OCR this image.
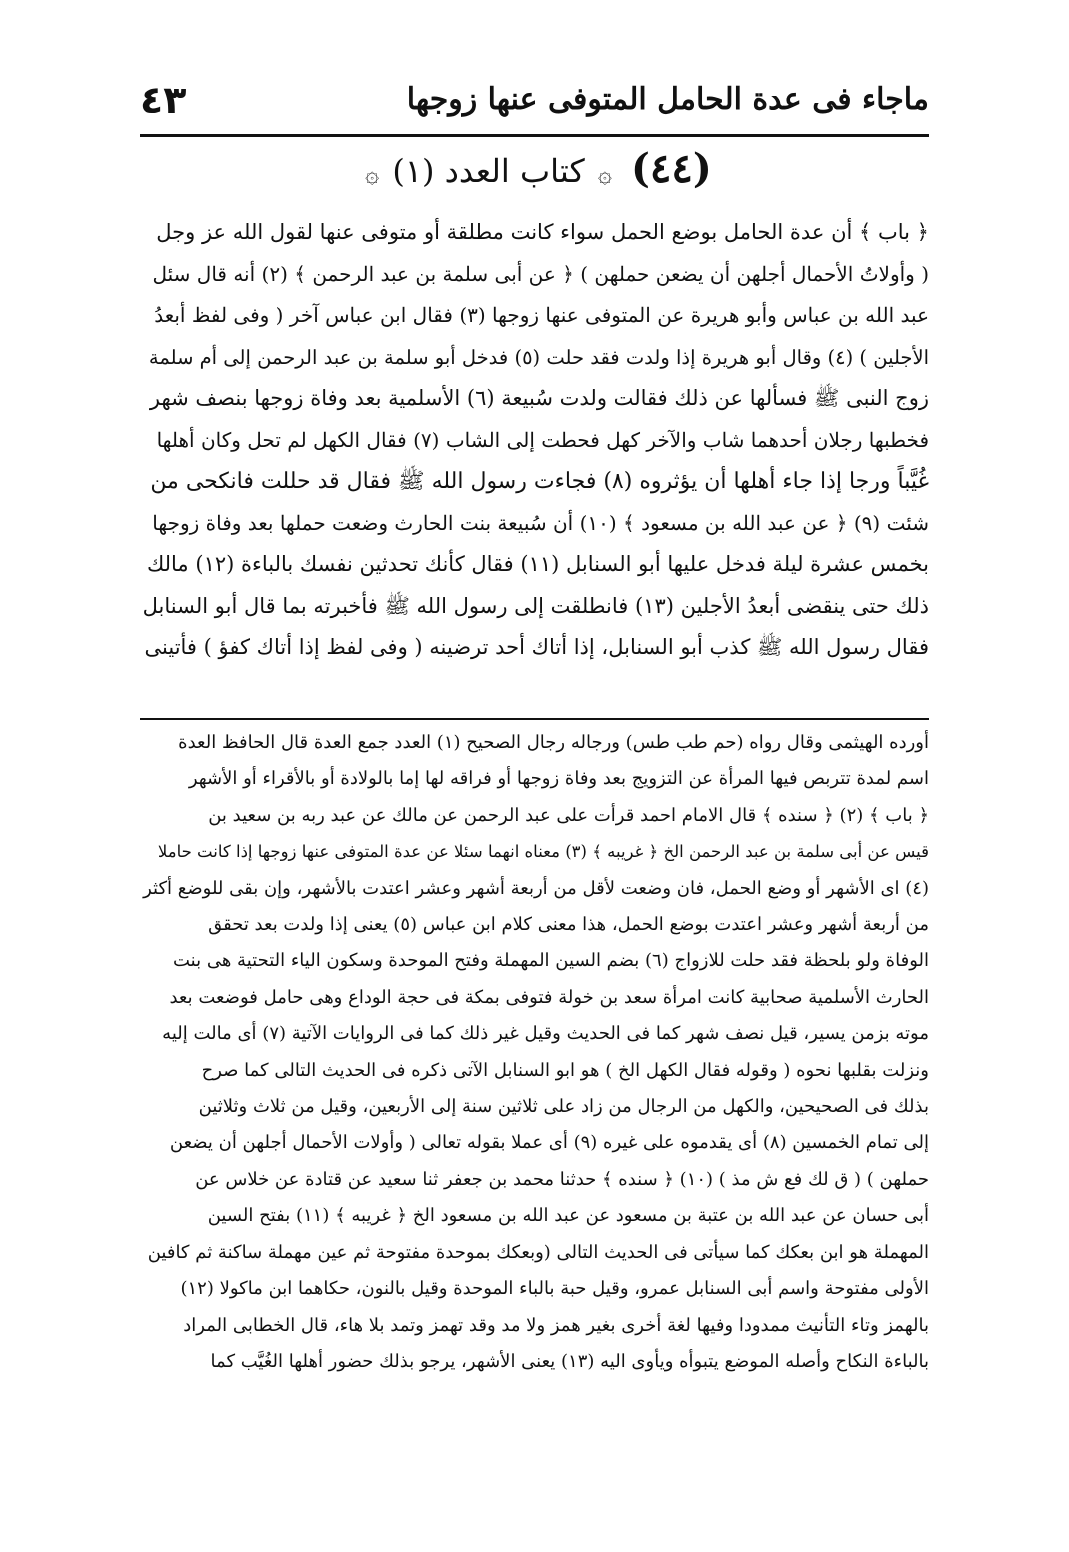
ماجاء فى عدة الحامل المتوفى عنها زوجها
٤٣
(٤٤) ۞ كتاب العدد (١) ۞

﴿ باب ﴾ أن عدة الحامل بوضع الحمل سواء كانت مطلقة أو متوفى عنها لقول الله عز وجل

( وأولاتُ الأحمال أجلهن أن يضعن حملهن ) ﴿ عن أبى سلمة بن عبد الرحمن ﴾ (٢) أنه قال سئل

عبد الله بن عباس وأبو هريرة عن المتوفى عنها زوجها (٣) فقال ابن عباس آخر ( وفى لفظ أبعدُ

الأجلين ) (٤) وقال أبو هريرة إذا ولدت فقد حلت (٥) فدخل أبو سلمة بن عبد الرحمن إلى أم سلمة

زوج النبى ﷺ فسألها عن ذلك فقالت ولدت سُبيعة (٦) الأسلمية بعد وفاة زوجها بنصف شهر

فخطبها رجلان أحدهما شاب والآخر كهل فحطت إلى الشاب (٧) فقال الكهل لم تحل وكان أهلها

غُيَّباً ورجا إذا جاء أهلها أن يؤثروه (٨) فجاءت رسول الله ﷺ فقال قد حللت فانكحى من

شئت (٩) ﴿ عن عبد الله بن مسعود ﴾ (١٠) أن سُبيعة بنت الحارث وضعت حملها بعد وفاة زوجها

بخمس عشرة ليلة فدخل عليها أبو السنابل (١١) فقال كأنك تحدثين نفسك بالباءة (١٢) مالك

ذلك حتى ينقضى أبعدُ الأجلين (١٣) فانطلقت إلى رسول الله ﷺ فأخبرته بما قال أبو السنابل

فقال رسول الله ﷺ كذب أبو السنابل، إذا أتاك أحد ترضينه ( وفى لفظ إذا أتاك كفؤ ) فأتينى

أورده الهيثمى وقال رواه (حم طب طس) ورجاله رجال الصحيح (١) العدد جمع العدة قال الحافظ العدة

اسم لمدة تتربص فيها المرأة عن التزويج بعد وفاة زوجها أو فراقه لها إما بالولادة أو بالأقراء أو الأشهر

﴿ باب ﴾ (٢) ﴿ سنده ﴾ قال الامام احمد قرأت على عبد الرحمن عن مالك عن عبد ربه بن سعيد بن

قيس عن أبى سلمة بن عبد الرحمن الخ ﴿ غريبه ﴾ (٣) معناه انهما سئلا عن عدة المتوفى عنها زوجها إذا كانت حاملا

(٤) اى الأشهر أو وضع الحمل، فان وضعت لأقل من أربعة أشهر وعشر اعتدت بالأشهر، وإن بقى للوضع أكثر

من أربعة أشهر وعشر اعتدت بوضع الحمل، هذا معنى كلام ابن عباس (٥) يعنى إذا ولدت بعد تحقق

الوفاة ولو بلحظة فقد حلت للازواج (٦) بضم السين المهملة وفتح الموحدة وسكون الياء التحتية هى بنت

الحارث الأسلمية صحابية كانت امرأة سعد بن خولة فتوفى بمكة فى حجة الوداع وهى حامل فوضعت بعد

موته بزمن يسير، قيل نصف شهر كما فى الحديث وقيل غير ذلك كما فى الروايات الآتية (٧) أى مالت إليه

ونزلت بقلبها نحوه ( وقوله فقال الكهل الخ ) هو ابو السنابل الآتى ذكره فى الحديث التالى كما صرح

بذلك فى الصحيحين، والكهل من الرجال من زاد على ثلاثين سنة إلى الأربعين، وقيل من ثلاث وثلاثين

إلى تمام الخمسين (٨) أى يقدموه على غيره (٩) أى عملا بقوله تعالى ( وأولات الأحمال أجلهن أن يضعن

حملهن ) ( ق لك فع ش مذ ) (١٠) ﴿ سنده ﴾ حدثنا محمد بن جعفر ثنا سعيد عن قتادة عن خلاس عن

أبى حسان عن عبد الله بن عتبة بن مسعود عن عبد الله بن مسعود الخ ﴿ غريبه ﴾ (١١) بفتح السين

المهملة هو ابن بعكك كما سيأتى فى الحديث التالى (وبعكك بموحدة مفتوحة ثم عين مهملة ساكنة ثم كافين

الأولى مفتوحة واسم أبى السنابل عمرو، وقيل حبة بالباء الموحدة وقيل بالنون، حكاهما ابن ماكولا (١٢)

بالهمز وتاء التأنيث ممدودا وفيها لغة أخرى بغير همز ولا مد وقد تهمز وتمد بلا هاء، قال الخطابى المراد

بالباءة النكاح وأصله الموضع يتبوأه ويأوى اليه (١٣) يعنى الأشهر، يرجو بذلك حضور أهلها الغُيَّب كما
